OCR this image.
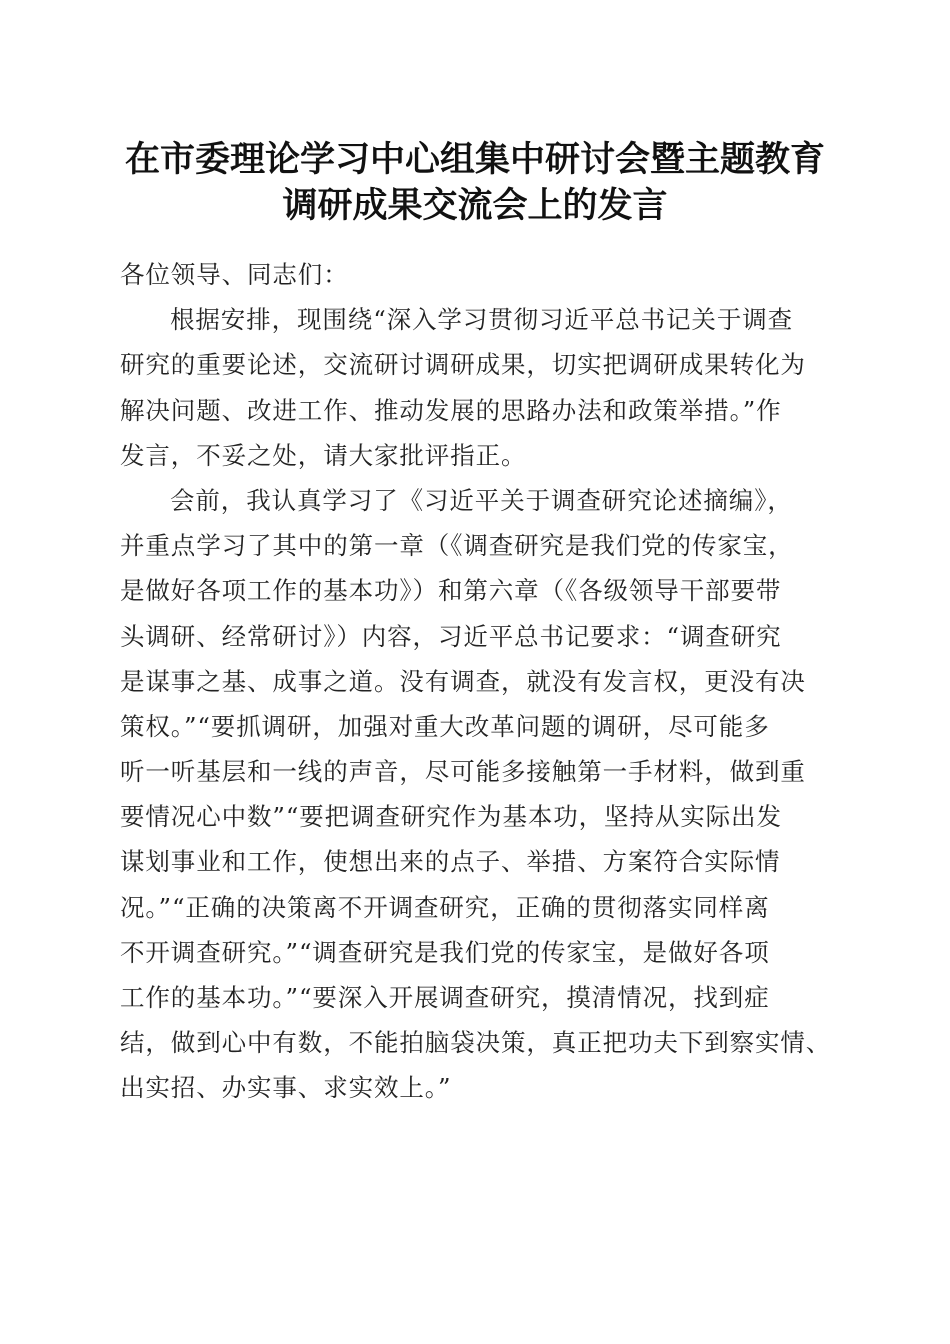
在市委理论学习中心组集中研讨会暨主题教育
调研成果交流会上的发言
各位领导、同志们：
根据安排，现围绕“深入学习贯彻习近平总书记关于调查
研究的重要论述，交流研讨调研成果，切实把调研成果转化为
解决问题、改进工作、推动发展的思路办法和政策举措。”作
发言，不妥之处，请大家批评指正。
会前，我认真学习了《习近平关于调查研究论述摘编》，
并重点学习了其中的第一章（《调查研究是我们党的传家宝，
是做好各项工作的基本功》）和第六章（《各级领导干部要带
头调研、经常研讨》）内容，习近平总书记要求：“调查研究
是谋事之基、成事之道。没有调查，就没有发言权，更没有决
策权。”“要抓调研，加强对重大改革问题的调研，尽可能多
听一听基层和一线的声音，尽可能多接触第一手材料，做到重
要情况心中数”“要把调查研究作为基本功，坚持从实际出发
谋划事业和工作，使想出来的点子、举措、方案符合实际情
况。”“正确的决策离不开调查研究，正确的贯彻落实同样离
不开调查研究。”“调查研究是我们党的传家宝，是做好各项
工作的基本功。”“要深入开展调查研究，摸清情况，找到症
结，做到心中有数，不能拍脑袋决策，真正把功夫下到察实情、
出实招、办实事、求实效上。”
